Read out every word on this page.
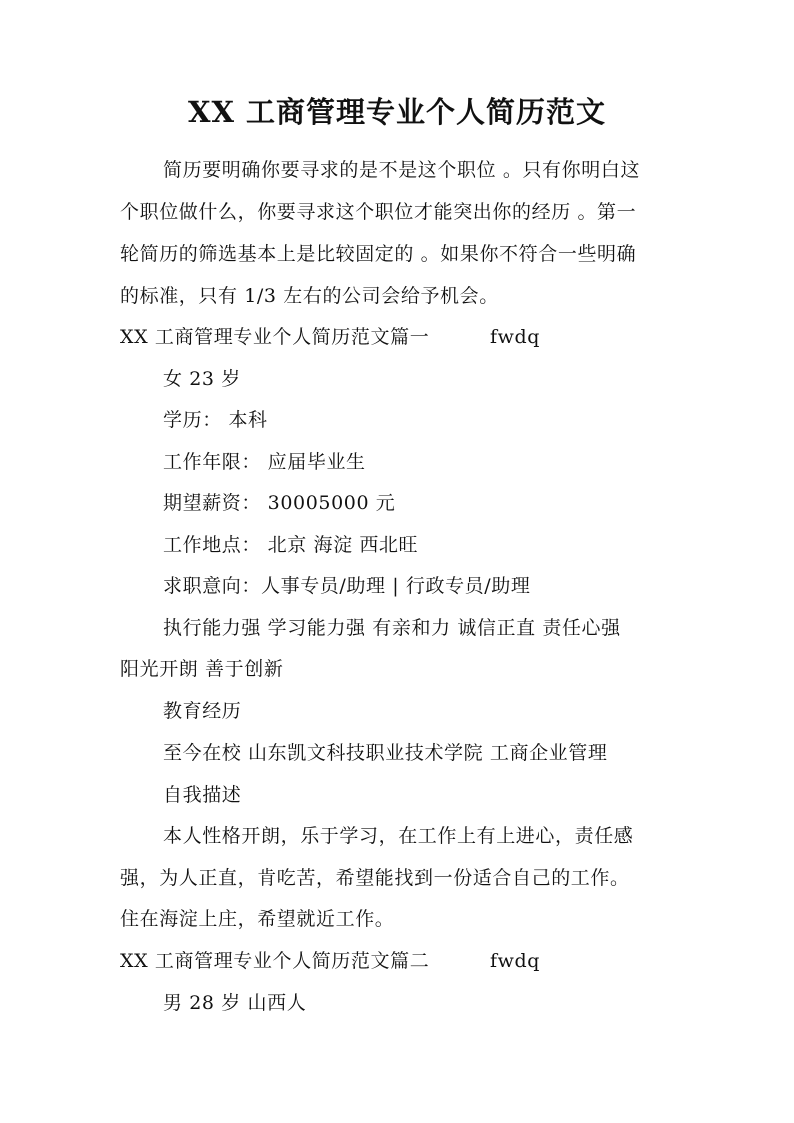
XX 工商管理专业个人简历范文
简历要明确你要寻求的是不是这个职位 。只有你明白这
个职位做什么，你要寻求这个职位才能突出你的经历 。第一
轮简历的筛选基本上是比较固定的 。如果你不符合一些明确
的标准，只有 1/3 左右的公司会给予机会。
XX 工商管理专业个人简历范文篇一	fwdq
女 23 岁
学历： 本科
工作年限： 应届毕业生
期望薪资： 30005000 元
工作地点： 北京 海淀 西北旺
求职意向：人事专员/助理 | 行政专员/助理
执行能力强 学习能力强 有亲和力 诚信正直 责任心强
阳光开朗 善于创新
教育经历
至今在校 山东凯文科技职业技术学院 工商企业管理
自我描述
本人性格开朗，乐于学习，在工作上有上进心，责任感
强，为人正直，肯吃苦，希望能找到一份适合自己的工作。
住在海淀上庄，希望就近工作。
XX 工商管理专业个人简历范文篇二	fwdq
男 28 岁 山西人
